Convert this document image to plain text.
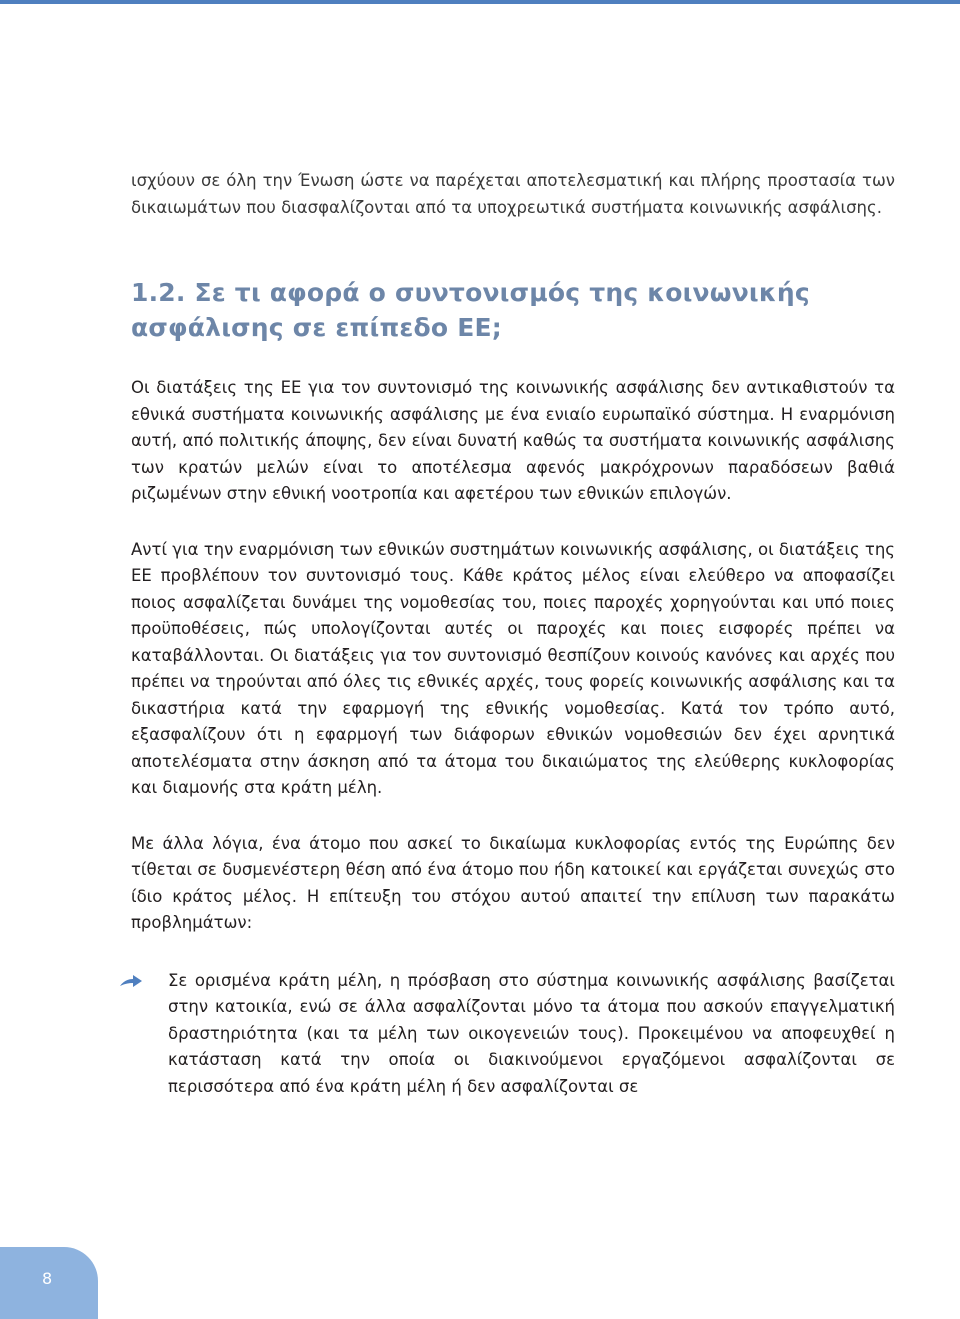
ισχύουν σε όλη την Ένωση ώστε να παρέχεται αποτελεσματική και πλήρης προστασία των δικαιωμάτων που διασφαλίζονται από τα υποχρεωτικά συστήματα κοινωνικής ασφάλισης.

1.2. Σε τι αφορά ο συντονισμός της κοινωνικής ασφάλισης σε επίπεδο ΕΕ;

Οι διατάξεις της ΕΕ για τον συντονισμό της κοινωνικής ασφάλισης δεν αντικαθιστούν τα εθνικά συστήματα κοινωνικής ασφάλισης με ένα ενιαίο ευρωπαϊκό σύστημα. Η εναρμόνιση αυτή, από πολιτικής άποψης, δεν είναι δυνατή καθώς τα συστήματα κοινωνικής ασφάλισης των κρατών μελών είναι το αποτέλεσμα αφενός μακρόχρονων παραδόσεων βαθιά ριζωμένων στην εθνική νοοτροπία και αφετέρου των εθνικών επιλογών.

Αντί για την εναρμόνιση των εθνικών συστημάτων κοινωνικής ασφάλισης, οι διατάξεις της ΕΕ προβλέπουν τον συντονισμό τους. Κάθε κράτος μέλος είναι ελεύθερο να αποφασίζει ποιος ασφαλίζεται δυνάμει της νομοθεσίας του, ποιες παροχές χορηγούνται και υπό ποιες προϋποθέσεις, πώς υπολογίζονται αυτές οι παροχές και ποιες εισφορές πρέπει να καταβάλλονται. Οι διατάξεις για τον συντονισμό θεσπίζουν κοινούς κανόνες και αρχές που πρέπει να τηρούνται από όλες τις εθνικές αρχές, τους φορείς κοινωνικής ασφάλισης και τα δικαστήρια κατά την εφαρμογή της εθνικής νομοθεσίας. Κατά τον τρόπο αυτό, εξασφαλίζουν ότι η εφαρμογή των διάφορων εθνικών νομοθεσιών δεν έχει αρνητικά αποτελέσματα στην άσκηση από τα άτομα του δικαιώματος της ελεύθερης κυκλοφορίας και διαμονής στα κράτη μέλη.

Με άλλα λόγια, ένα άτομο που ασκεί το δικαίωμα κυκλοφορίας εντός της Ευρώπης δεν τίθεται σε δυσμενέστερη θέση από ένα άτομο που ήδη κατοικεί και εργάζεται συνεχώς στο ίδιο κράτος μέλος. Η επίτευξη του στόχου αυτού απαιτεί την επίλυση των παρακάτω προβλημάτων:

Σε ορισμένα κράτη μέλη, η πρόσβαση στο σύστημα κοινωνικής ασφάλισης βασίζεται στην κατοικία, ενώ σε άλλα ασφαλίζονται μόνο τα άτομα που ασκούν επαγγελματική δραστηριότητα (και τα μέλη των οικογενειών τους). Προκειμένου να αποφευχθεί η κατάσταση κατά την οποία οι διακινούμενοι εργαζόμενοι ασφαλίζονται σε περισσότερα από ένα κράτη μέλη ή δεν ασφαλίζονται σε

8
